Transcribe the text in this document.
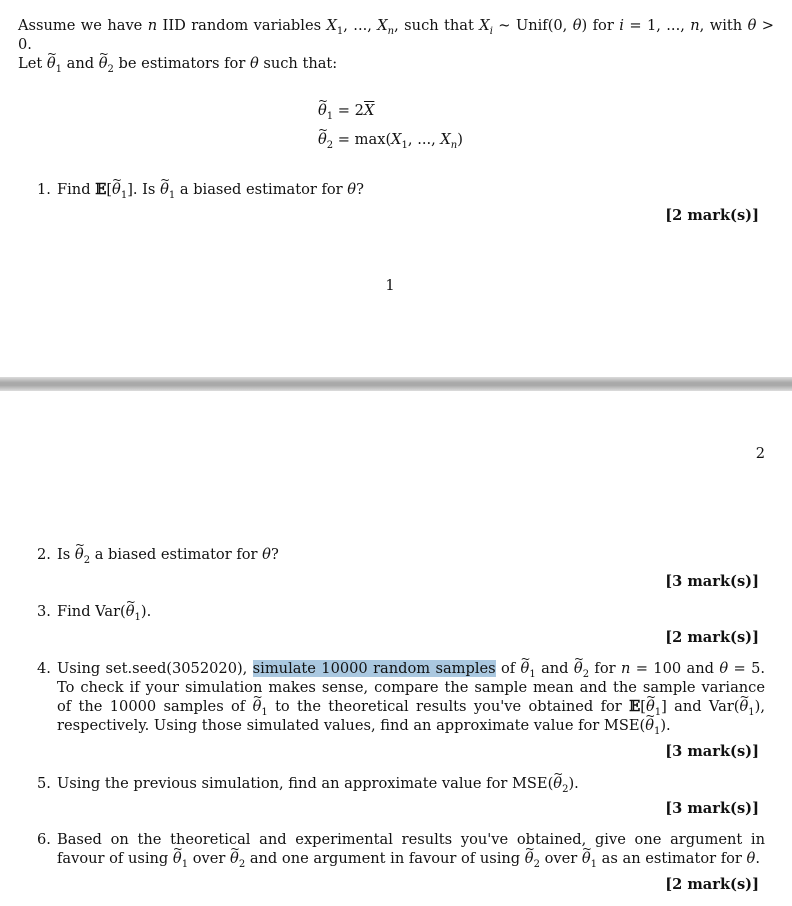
Assume we have n IID random variables $X_1$, ..., $X_n$, such that $X_i$ ~ Unif(0, θ) for i = 1, ..., n, with θ > 0.
Let ~ $\theta_1$ and ~ $\theta_2$ be estimators for θ such that:
~ $\theta_1 = 2\overline{X}$
~ $\theta_2 = \max(X_1$, ..., $X_n$)
1. Find 𝔼[~ $\theta_1$]. Is ~ $\theta_1$ a biased estimator for θ?
[2 mark(s)]
1
2
2. Is ~ $\theta_2$ a biased estimator for θ?
[3 mark(s)]
3. Find Var(~ $\theta_1$).
[2 mark(s)]
4. Using set.seed(3052020), simulate 10000 random samples of ~ $\theta_1$ and ~ $\theta_2$ for n = 100 and θ = 5. To check if your simulation makes sense, compare the sample mean and the sample variance of the 10000 samples of ~ $\theta_1$ to the theoretical results you've obtained for 𝔼[~ $\theta_1$] and Var(~ $\theta_1$), respectively. Using those simulated values, find an approximate value for MSE(~ $\theta_1$).
[3 mark(s)]
5. Using the previous simulation, find an approximate value for MSE(~ $\theta_2$).
[3 mark(s)]
6. Based on the theoretical and experimental results you've obtained, give one argument in favour of using ~ $\theta_1$ over ~ $\theta_2$ and one argument in favour of using ~ $\theta_2$ over ~ $\theta_1$ as an estimator for θ.
[2 mark(s)]
